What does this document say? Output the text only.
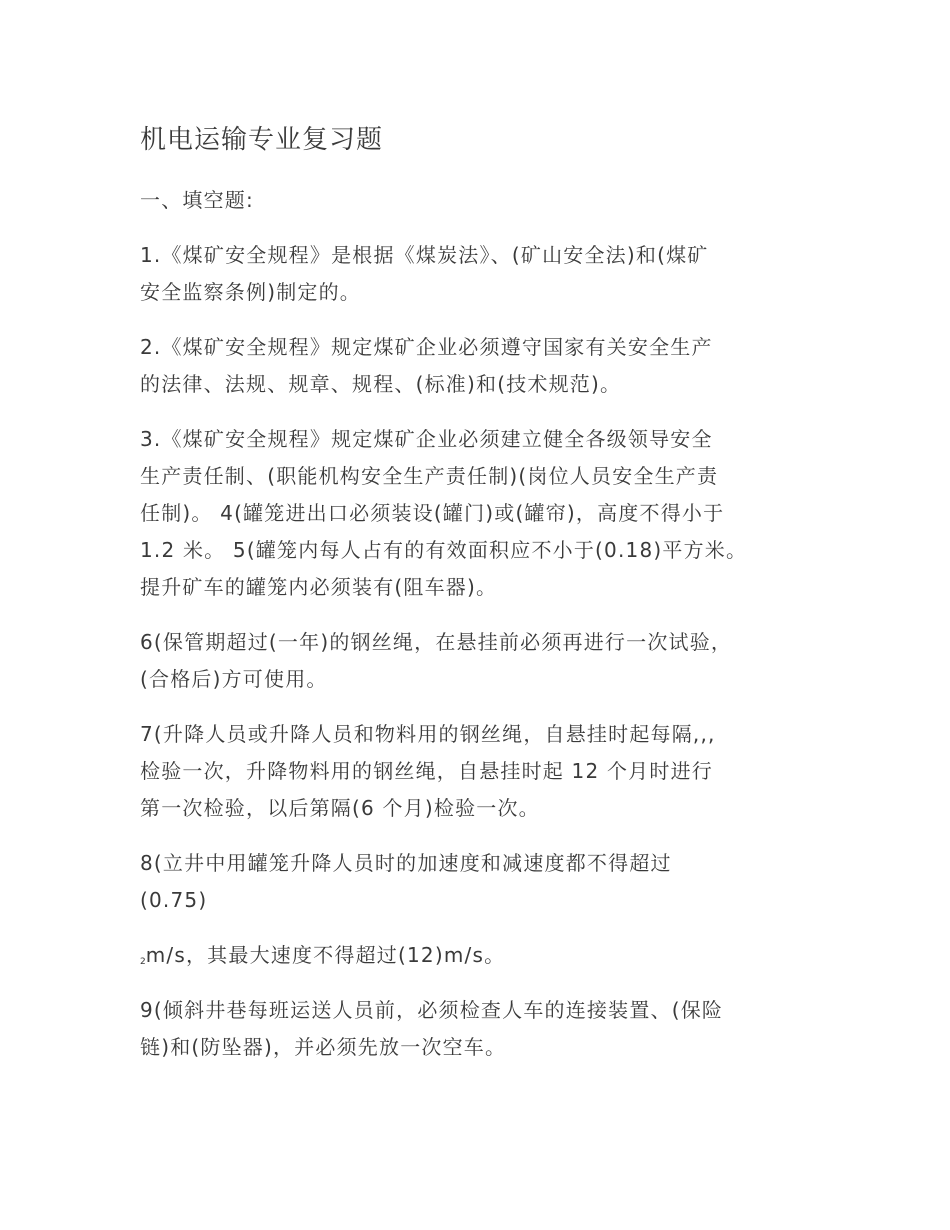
机电运输专业复习题

一、填空题:

1.《煤矿安全规程》是根据《煤炭法》、(矿山安全法)和(煤矿
安全监察条例)制定的。

2.《煤矿安全规程》规定煤矿企业必须遵守国家有关安全生产
的法律、法规、规章、规程、(标准)和(技术规范)。

3.《煤矿安全规程》规定煤矿企业必须建立健全各级领导安全
生产责任制、(职能机构安全生产责任制)(岗位人员安全生产责
任制)。 4(罐笼进出口必须装设(罐门)或(罐帘)，高度不得小于
1.2 米。 5(罐笼内每人占有的有效面积应不小于(0.18)平方米。
提升矿车的罐笼内必须装有(阻车器)。

6(保管期超过(一年)的钢丝绳，在悬挂前必须再进行一次试验，
(合格后)方可使用。

7(升降人员或升降人员和物料用的钢丝绳，自悬挂时起每隔,,,
检验一次，升降物料用的钢丝绳，自悬挂时起 12 个月时进行
第一次检验，以后第隔(6 个月)检验一次。

8(立井中用罐笼升降人员时的加速度和减速度都不得超过
(0.75)

$_2$m/s，其最大速度不得超过(12)m/s。

9(倾斜井巷每班运送人员前，必须检查人车的连接装置、(保险
链)和(防坠器)，并必须先放一次空车。
